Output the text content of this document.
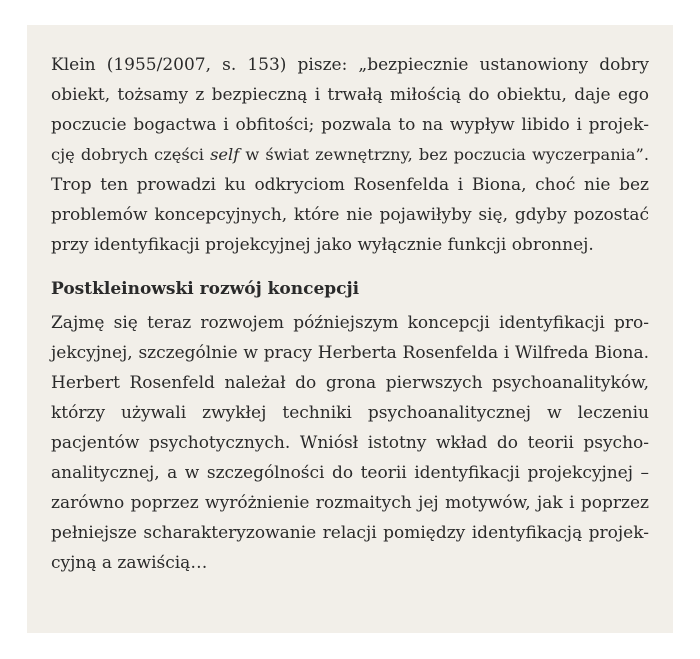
Klein (1955/2007, s. 153) pisze: „bezpiecznie ustanowiony dobry
obiekt, tożsamy z bezpieczną i trwałą miłością do obiektu, daje ego
poczucie bogactwa i obfitości; pozwala to na wypływ libido i projek-
cję dobrych części self w świat zewnętrzny, bez poczucia wyczerpania”.
Trop ten prowadzi ku odkryciom Rosenfelda i Biona, choć nie bez
problemów koncepcyjnych, które nie pojawiłyby się, gdyby pozostać
przy identyfikacji projekcyjnej jako wyłącznie funkcji obronnej.
Postkleinowski rozwój koncepcji
Zajmę się teraz rozwojem późniejszym koncepcji identyfikacji pro-
jekcyjnej, szczególnie w pracy Herberta Rosenfelda i Wilfreda Biona.
Herbert Rosenfeld należał do grona pierwszych psychoanalityków,
którzy używali zwykłej techniki psychoanalitycznej w leczeniu
pacjentów psychotycznych. Wniósł istotny wkład do teorii psycho-
analitycznej, a w szczególności do teorii identyfikacji projekcyjnej –
zarówno poprzez wyróżnienie rozmaitych jej motywów, jak i poprzez
pełniejsze scharakteryzowanie relacji pomiędzy identyfikacją projek-
cyjną a zawiścią…
